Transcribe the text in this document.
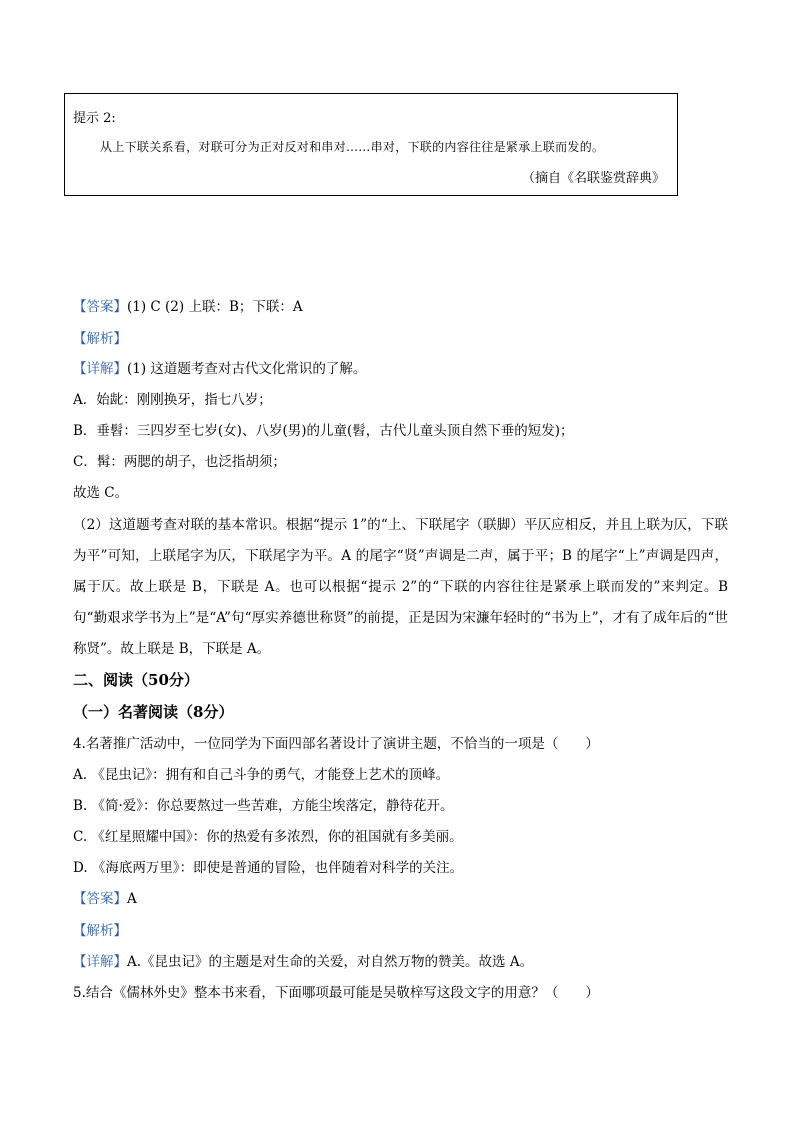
提示 2:
从上下联关系看，对联可分为正对反对和串对……串对，下联的内容往往是紧承上联而发的。
（摘自《名联鉴赏辞典》
【答案】(1) C (2) 上联：B；下联：A
【解析】
【详解】(1) 这道题考查对古代文化常识的了解。
A．始龀：刚刚换牙，指七八岁；
B．垂髫：三四岁至七岁(女)、八岁(男)的儿童(髫，古代儿童头顶自然下垂的短发)；
C．髯：两腮的胡子，也泛指胡须；
故选 C。
（2）这道题考查对联的基本常识。根据“提示 1”的“上、下联尾字（联脚）平仄应相反，并且上联为仄，下联为平”可知，上联尾字为仄，下联尾字为平。A 的尾字“贤”声调是二声，属于平；B 的尾字“上”声调是四声，属于仄。故上联是 B，下联是 A。也可以根据“提示 2”的“下联的内容往往是紧承上联而发的”来判定。B 句“勤艰求学书为上”是“A”句“厚实养德世称贤”的前提，正是因为宋濂年轻时的“书为上”，才有了成年后的“世称贤”。故上联是 B，下联是 A。
二、阅读（50分）
（一）名著阅读（8分）
4.名著推广活动中，一位同学为下面四部名著设计了演讲主题，不恰当的一项是（　　）
A. 《昆虫记》：拥有和自己斗争的勇气，才能登上艺术的顶峰。
B. 《简·爱》：你总要熬过一些苦难，方能尘埃落定，静待花开。
C. 《红星照耀中国》：你的热爱有多浓烈，你的祖国就有多美丽。
D. 《海底两万里》：即使是普通的冒险，也伴随着对科学的关注。
【答案】A
【解析】
【详解】A.《昆虫记》的主题是对生命的关爱，对自然万物的赞美。故选 A。
5.结合《儒林外史》整本书来看，下面哪项最可能是吴敬梓写这段文字的用意？（　　）
